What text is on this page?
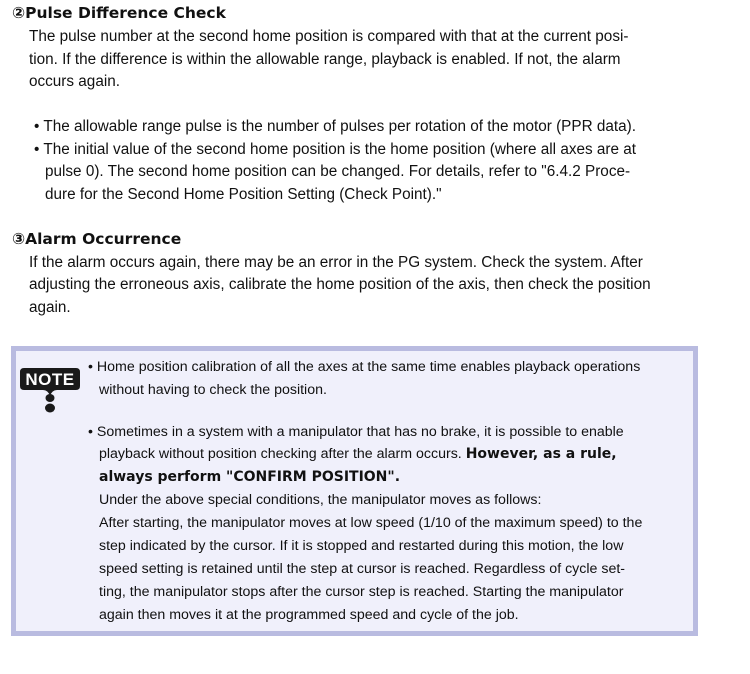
②Pulse Difference Check
The pulse number at the second home position is compared with that at the current posi-
tion. If the difference is within the allowable range, playback is enabled. If not, the alarm
occurs again.
• The allowable range pulse is the number of pulses per rotation of the motor (PPR data).
• The initial value of the second home position is the home position (where all axes are at
pulse 0). The second home position can be changed. For details, refer to "6.4.2 Proce-
dure for the Second Home Position Setting (Check Point)."
③Alarm Occurrence
If the alarm occurs again, there may be an error in the PG system. Check the system. After
adjusting the erroneous axis, calibrate the home position of the axis, then check the position
again.
NOTE
• Home position calibration of all the axes at the same time enables playback operations
without having to check the position.
• Sometimes in a system with a manipulator that has no brake, it is possible to enable
playback without position checking after the alarm occurs. However, as a rule,
always perform "CONFIRM POSITION".
Under the above special conditions, the manipulator moves as follows:
After starting, the manipulator moves at low speed (1/10 of the maximum speed) to the
step indicated by the cursor. If it is stopped and restarted during this motion, the low
speed setting is retained until the step at cursor is reached. Regardless of cycle set-
ting, the manipulator stops after the cursor step is reached. Starting the manipulator
again then moves it at the programmed speed and cycle of the job.
